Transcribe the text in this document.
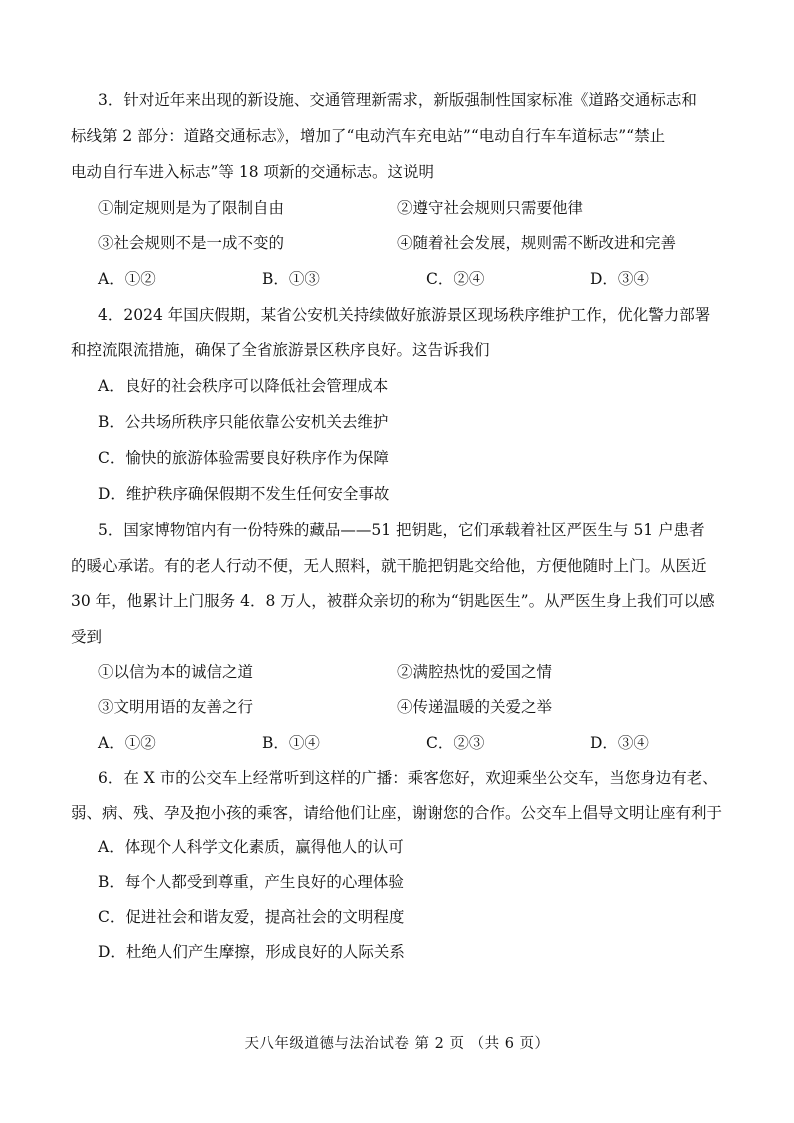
3．针对近年来出现的新设施、交通管理新需求，新版强制性国家标准《道路交通标志和
标线第 2 部分：道路交通标志》，增加了“电动汽车充电站”“电动自行车车道标志”“禁止
电动自行车进入标志”等 18 项新的交通标志。这说明
①制定规则是为了限制自由	②遵守社会规则只需要他律
③社会规则不是一成不变的	④随着社会发展，规则需不断改进和完善
A．①②	B．①③	C．②④	D．③④
4．2024 年国庆假期，某省公安机关持续做好旅游景区现场秩序维护工作，优化警力部署
和控流限流措施，确保了全省旅游景区秩序良好。这告诉我们
A．良好的社会秩序可以降低社会管理成本
B．公共场所秩序只能依靠公安机关去维护
C．愉快的旅游体验需要良好秩序作为保障
D．维护秩序确保假期不发生任何安全事故
5．国家博物馆内有一份特殊的藏品——51 把钥匙，它们承载着社区严医生与 51 户患者
的暖心承诺。有的老人行动不便，无人照料，就干脆把钥匙交给他，方便他随时上门。从医近
30 年，他累计上门服务 4．8 万人，被群众亲切的称为“钥匙医生”。从严医生身上我们可以感
受到
①以信为本的诚信之道	②满腔热忱的爱国之情
③文明用语的友善之行	④传递温暖的关爱之举
A．①②	B．①④	C．②③	D．③④
6．在 X 市的公交车上经常听到这样的广播：乘客您好，欢迎乘坐公交车，当您身边有老、
弱、病、残、孕及抱小孩的乘客，请给他们让座，谢谢您的合作。公交车上倡导文明让座有利于
A．体现个人科学文化素质，赢得他人的认可
B．每个人都受到尊重，产生良好的心理体验
C．促进社会和谐友爱，提高社会的文明程度
D．杜绝人们产生摩擦，形成良好的人际关系
天八年级道德与法治试卷 第 2 页 （共 6 页）
